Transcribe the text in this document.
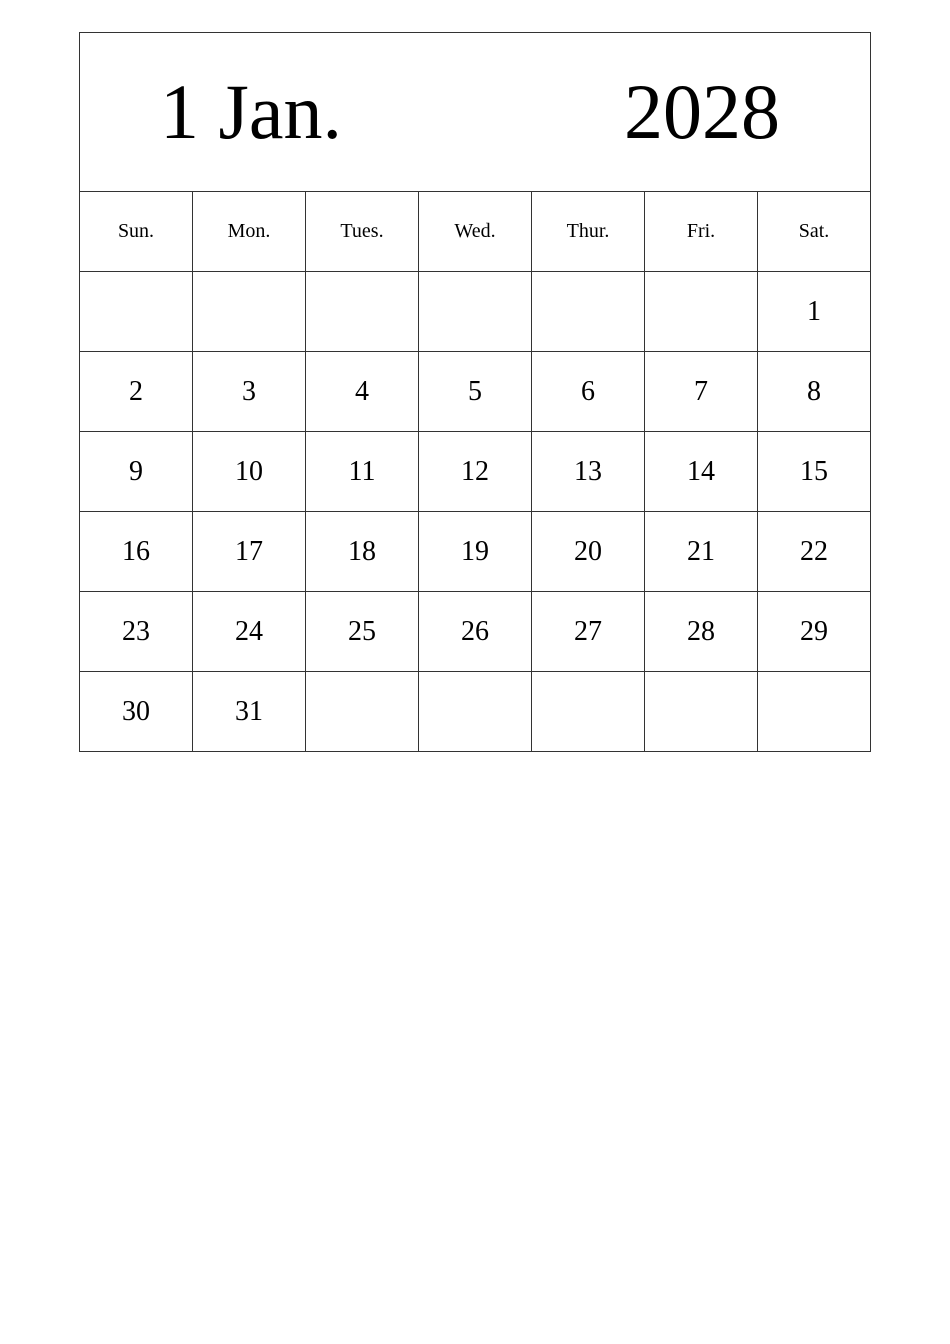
1 Jan. 2028						

Sun.	Mon.	Tues.	Wed.	Thur.	Fri.	Sat.
						1
2	3	4	5	6	7	8
9	10	11	12	13	14	15
16	17	18	19	20	21	22
23	24	25	26	27	28	29
30	31					
